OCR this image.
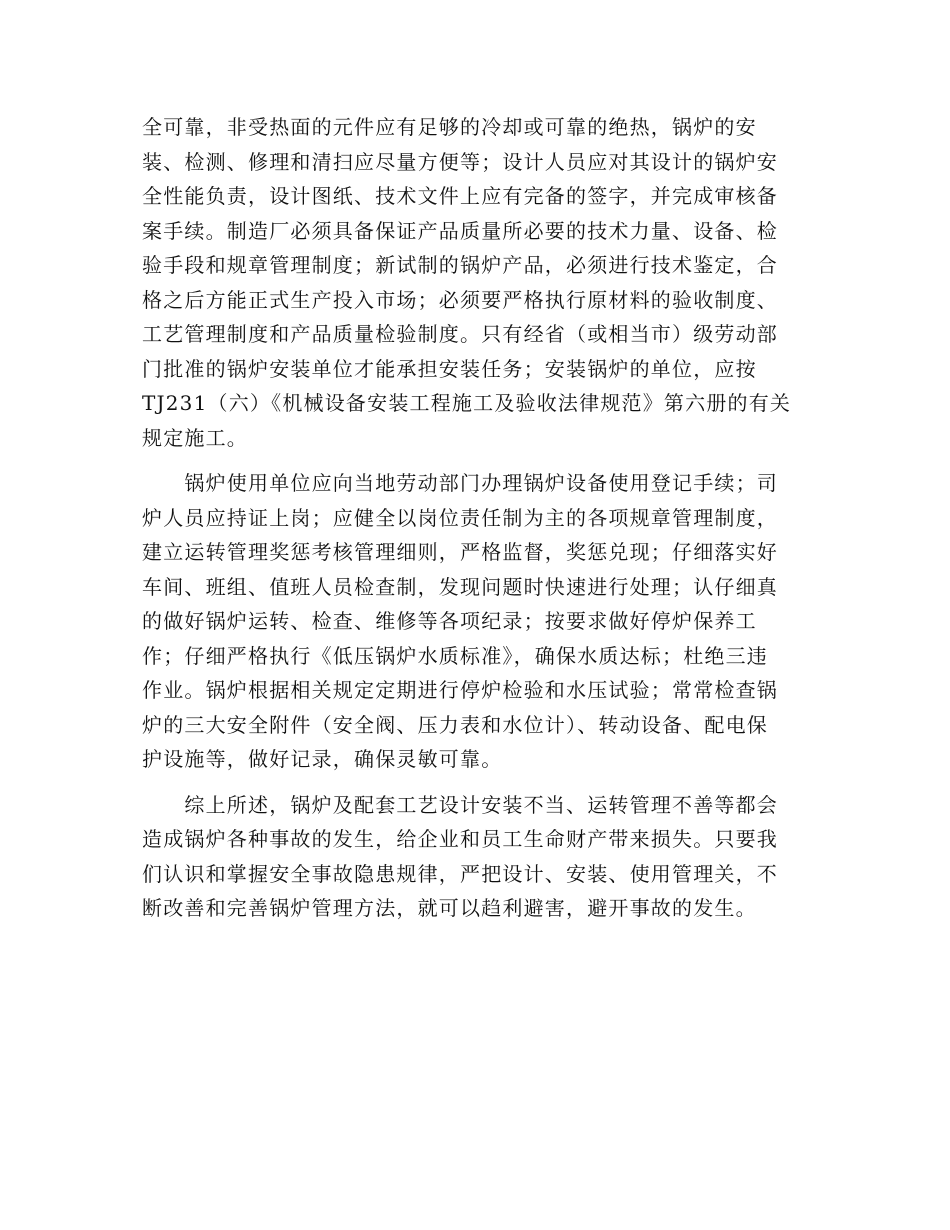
全可靠，非受热面的元件应有足够的冷却或可靠的绝热，锅炉的安
装、检测、修理和清扫应尽量方便等；设计人员应对其设计的锅炉安
全性能负责，设计图纸、技术文件上应有完备的签字，并完成审核备
案手续。制造厂必须具备保证产品质量所必要的技术力量、设备、检
验手段和规章管理制度；新试制的锅炉产品，必须进行技术鉴定，合
格之后方能正式生产投入市场；必须要严格执行原材料的验收制度、
工艺管理制度和产品质量检验制度。只有经省（或相当市）级劳动部
门批准的锅炉安装单位才能承担安装任务；安装锅炉的单位，应按
TJ231（六）《机械设备安装工程施工及验收法律规范》第六册的有关
规定施工。

　　锅炉使用单位应向当地劳动部门办理锅炉设备使用登记手续；司
炉人员应持证上岗；应健全以岗位责任制为主的各项规章管理制度，
建立运转管理奖惩考核管理细则，严格监督，奖惩兑现；仔细落实好
车间、班组、值班人员检查制，发现问题时快速进行处理；认仔细真
的做好锅炉运转、检查、维修等各项纪录；按要求做好停炉保养工
作；仔细严格执行《低压锅炉水质标准》，确保水质达标；杜绝三违
作业。锅炉根据相关规定定期进行停炉检验和水压试验；常常检查锅
炉的三大安全附件（安全阀、压力表和水位计）、转动设备、配电保
护设施等，做好记录，确保灵敏可靠。

　　综上所述，锅炉及配套工艺设计安装不当、运转管理不善等都会
造成锅炉各种事故的发生，给企业和员工生命财产带来损失。只要我
们认识和掌握安全事故隐患规律，严把设计、安装、使用管理关，不
断改善和完善锅炉管理方法，就可以趋利避害，避开事故的发生。
